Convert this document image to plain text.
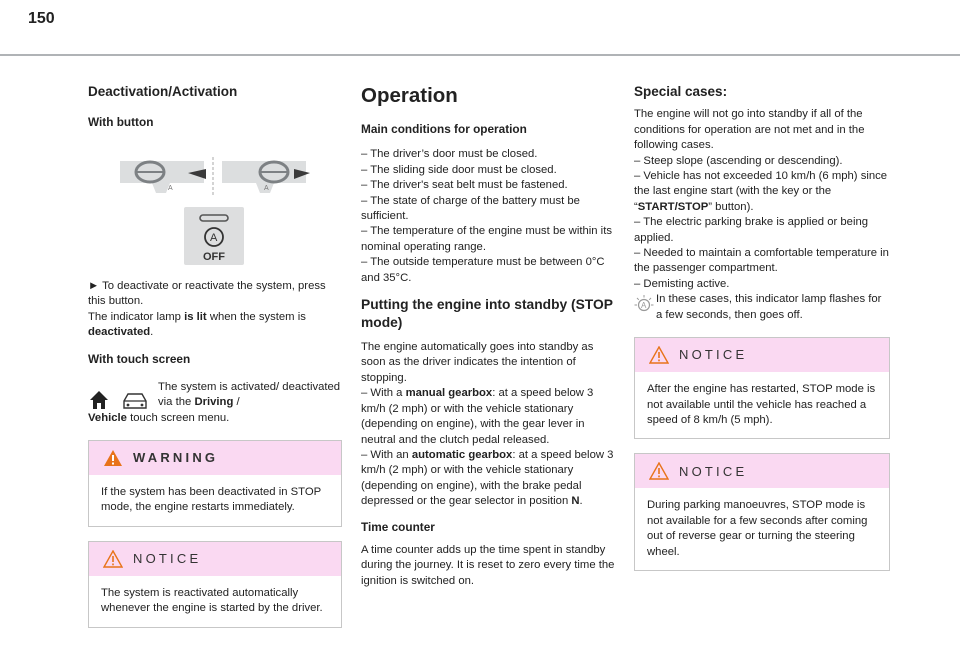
150
Deactivation/Activation
With button
A	A
A
OFF

► To deactivate or reactivate the system, press this button.

The indicator lamp is lit when the system is deactivated.

With touch screen

The system is activated/ deactivated via the Driving /

Vehicle touch screen menu.

WARNING
If the system has been deactivated in STOP mode, the engine restarts immediately.
NOTICE
The system is reactivated automatically whenever the engine is started by the driver.
Operation
Main conditions for operation
– The driver’s door must be closed.
– The sliding side door must be closed.
– The driver's seat belt must be fastened.
– The state of charge of the battery must be sufficient.
– The temperature of the engine must be within its nominal operating range.
– The outside temperature must be between 0°C and 35°C.
Putting the engine into standby (STOP mode)

The engine automatically goes into standby as soon as the driver indicates the intention of stopping.

– With a manual gearbox: at a speed below 3 km/h (2 mph) or with the vehicle stationary (depending on engine), with the gear lever in neutral and the clutch pedal released.

– With an automatic gearbox: at a speed below 3 km/h (2 mph) or with the vehicle stationary (depending on engine), with the brake pedal depressed or the gear selector in position N.

Time counter

A time counter adds up the time spent in standby during the journey. It is reset to zero every time the ignition is switched on.

Special cases:

The engine will not go into standby if all of the conditions for operation are not met and in the following cases.

– Steep slope (ascending or descending).

– Vehicle has not exceeded 10 km/h (6 mph) since the last engine start (with the key or the “START/STOP” button).

– The electric parking brake is applied or being applied.

– Needed to maintain a comfortable temperature in the passenger compartment.

– Demisting active.

A

In these cases, this indicator lamp flashes for a few seconds, then goes off.

NOTICE
After the engine has restarted, STOP mode is not available until the vehicle has reached a speed of 8 km/h (5 mph).
NOTICE
During parking manoeuvres, STOP mode is not available for a few seconds after coming out of reverse gear or turning the steering wheel.
